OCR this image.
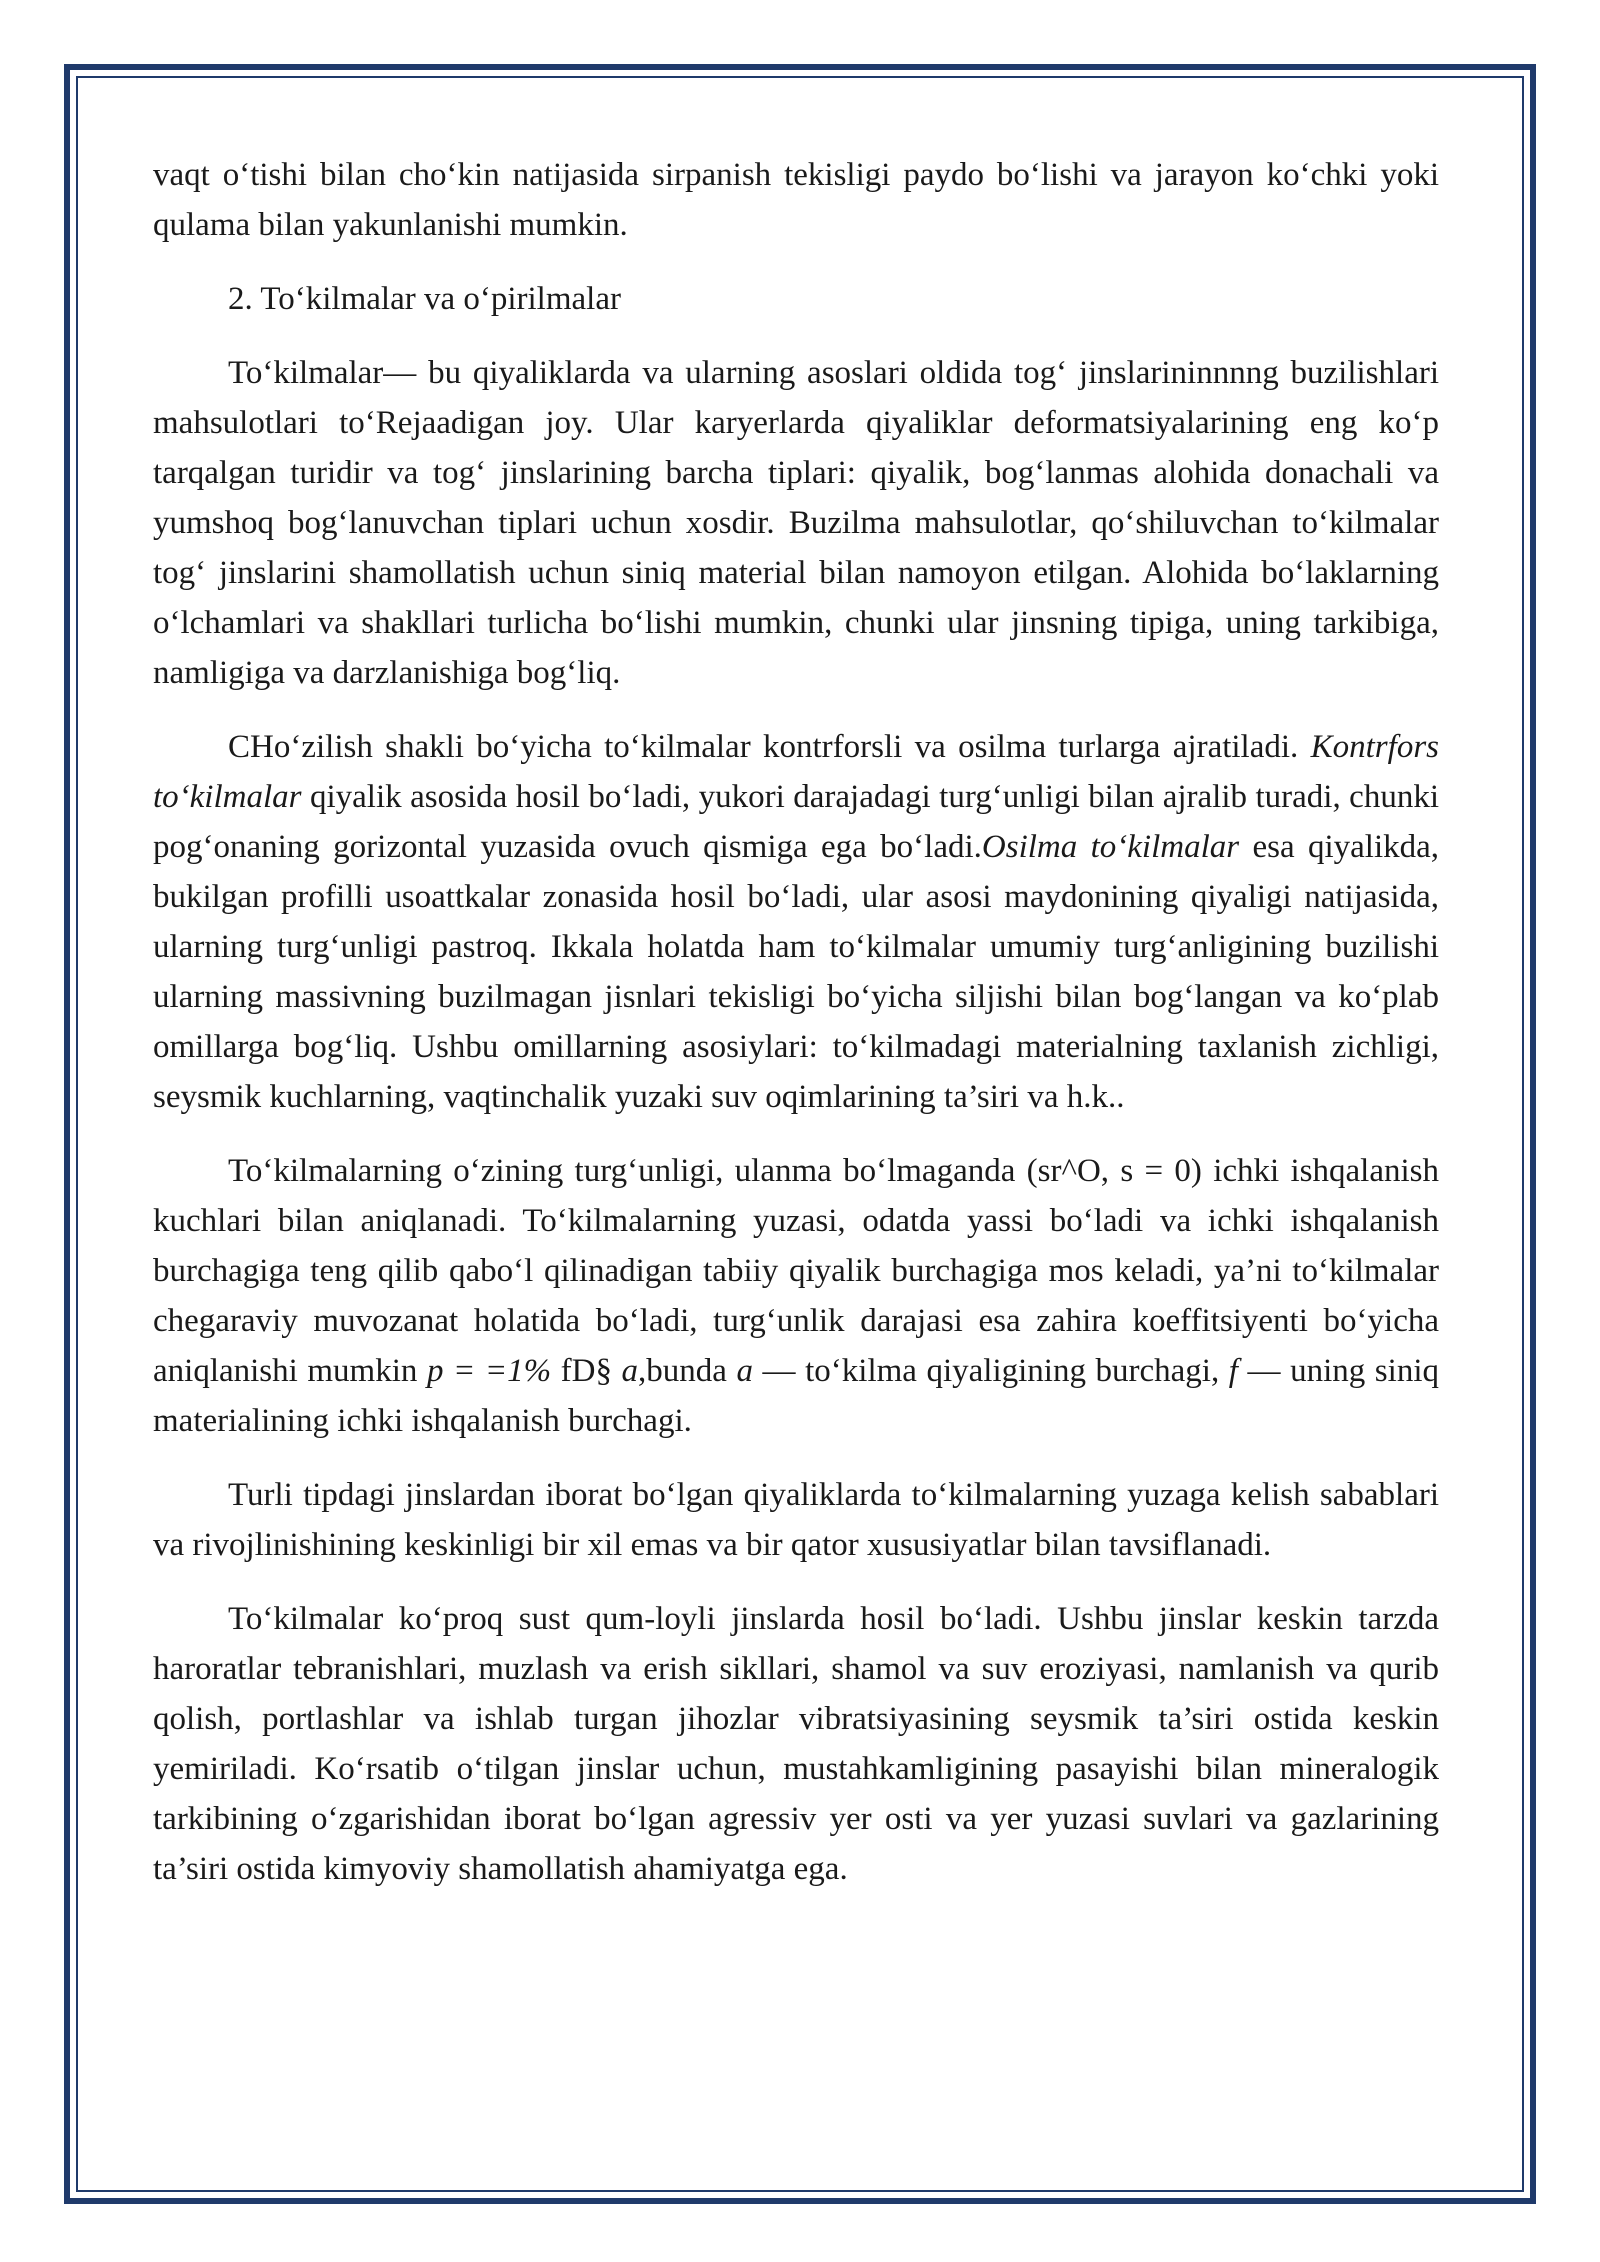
vaqt o‘tishi bilan cho‘kin natijasida sirpanish tekisligi paydo bo‘lishi va jarayon ko‘chki yoki qulama bilan yakunlanishi mumkin.

2. To‘kilmalar va o‘pirilmalar

To‘kilmalar— bu qiyaliklarda va ularning asoslari oldida tog‘ jinslarininnnng buzilishlari mahsulotlari to‘Rejaadigan joy. Ular karyerlarda qiyaliklar deformatsiyalarining eng ko‘p tarqalgan turidir va tog‘ jinslarining barcha tiplari: qiyalik, bog‘lanmas alohida donachali va yumshoq bog‘lanuvchan tiplari uchun xosdir. Buzilma mahsulotlar, qo‘shiluvchan to‘kilmalar tog‘ jinslarini shamollatish uchun siniq material bilan namoyon etilgan. Alohida bo‘laklarning o‘lchamlari va shakllari turlicha bo‘lishi mumkin, chunki ular jinsning tipiga, uning tarkibiga, namligiga va darzlanishiga bog‘liq.

CHo‘zilish shakli bo‘yicha to‘kilmalar kontrforsli va osilma turlarga ajratiladi. Kontrfors to‘kilmalar qiyalik asosida hosil bo‘ladi, yukori darajadagi turg‘unligi bilan ajralib turadi, chunki pog‘onaning gorizontal yuzasida ovuch qismiga ega bo‘ladi.Osilma to‘kilmalar esa qiyalikda, bukilgan profilli usoattkalar zonasida hosil bo‘ladi, ular asosi maydonining qiyaligi natijasida, ularning turg‘unligi pastroq. Ikkala holatda ham to‘kilmalar umumiy turg‘anligining buzilishi ularning massivning buzilmagan jisnlari tekisligi bo‘yicha siljishi bilan bog‘langan va ko‘plab omillarga bog‘liq. Ushbu omillarning asosiylari: to‘kilmadagi materialning taxlanish zichligi, seysmik kuchlarning, vaqtinchalik yuzaki suv oqimlarining ta’siri va h.k..

To‘kilmalarning o‘zining turg‘unligi, ulanma bo‘lmaganda (sr^O, s = 0) ichki ishqalanish kuchlari bilan aniqlanadi. To‘kilmalarning yuzasi, odatda yassi bo‘ladi va ichki ishqalanish burchagiga teng qilib qabo‘l qilinadigan tabiiy qiyalik burchagiga mos keladi, ya’ni to‘kilmalar chegaraviy muvozanat holatida bo‘ladi, turg‘unlik darajasi esa zahira koeffitsiyenti bo‘yicha aniqlanishi mumkin p = =1% fD§ a,bunda a — to‘kilma qiyaligining burchagi, f — uning siniq materialining ichki ishqalanish burchagi.

Turli tipdagi jinslardan iborat bo‘lgan qiyaliklarda to‘kilmalarning yuzaga kelish sabablari va rivojlinishining keskinligi bir xil emas va bir qator xususiyatlar bilan tavsiflanadi.

To‘kilmalar ko‘proq sust qum-loyli jinslarda hosil bo‘ladi. Ushbu jinslar keskin tarzda haroratlar tebranishlari, muzlash va erish sikllari, shamol va suv eroziyasi, namlanish va qurib qolish, portlashlar va ishlab turgan jihozlar vibratsiyasining seysmik ta’siri ostida keskin yemiriladi. Ko‘rsatib o‘tilgan jinslar uchun, mustahkamligining pasayishi bilan mineralogik tarkibining o‘zgarishidan iborat bo‘lgan agressiv yer osti va yer yuzasi suvlari va gazlarining ta’siri ostida kimyoviy shamollatish ahamiyatga ega.
